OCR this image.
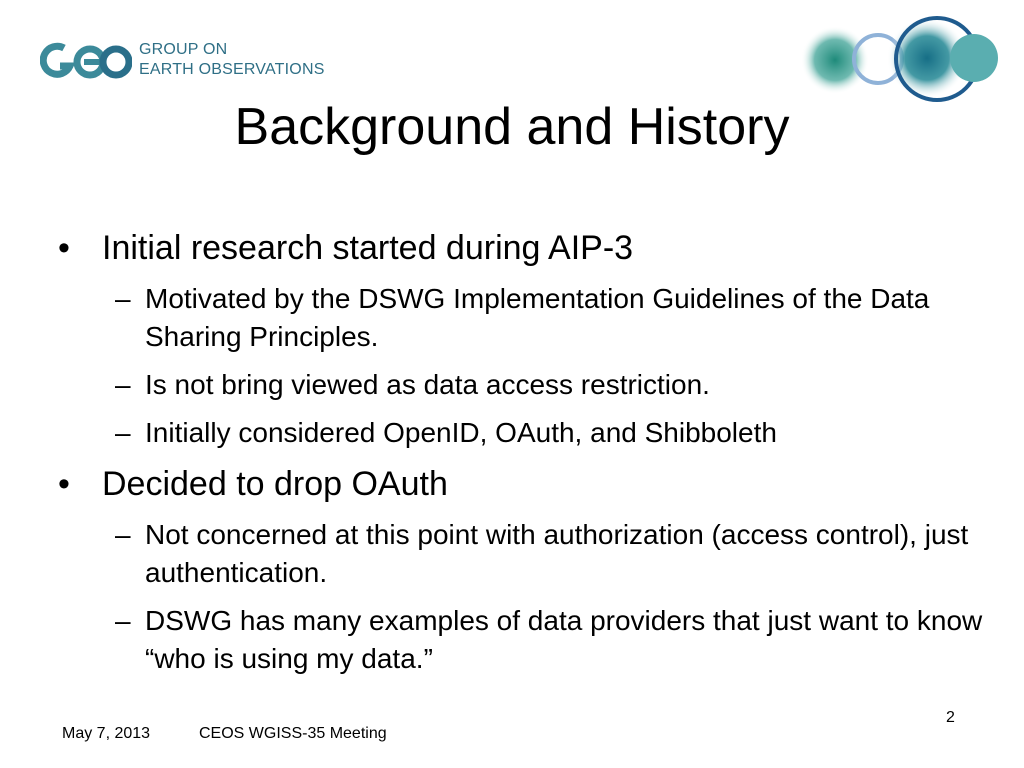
GROUP ON
EARTH OBSERVATIONS
Background and History
• Initial research started during AIP-3
– Motivated by the DSWG Implementation Guidelines of the Data Sharing Principles.
– Is not bring viewed as data access restriction.
– Initially considered OpenID, OAuth, and Shibboleth
• Decided to drop OAuth
– Not concerned at this point with authorization (access control), just authentication.
– DSWG has many examples of data providers that just want to know “who is using my data.”
May 7, 2013	CEOS WGISS-35 Meeting
2
